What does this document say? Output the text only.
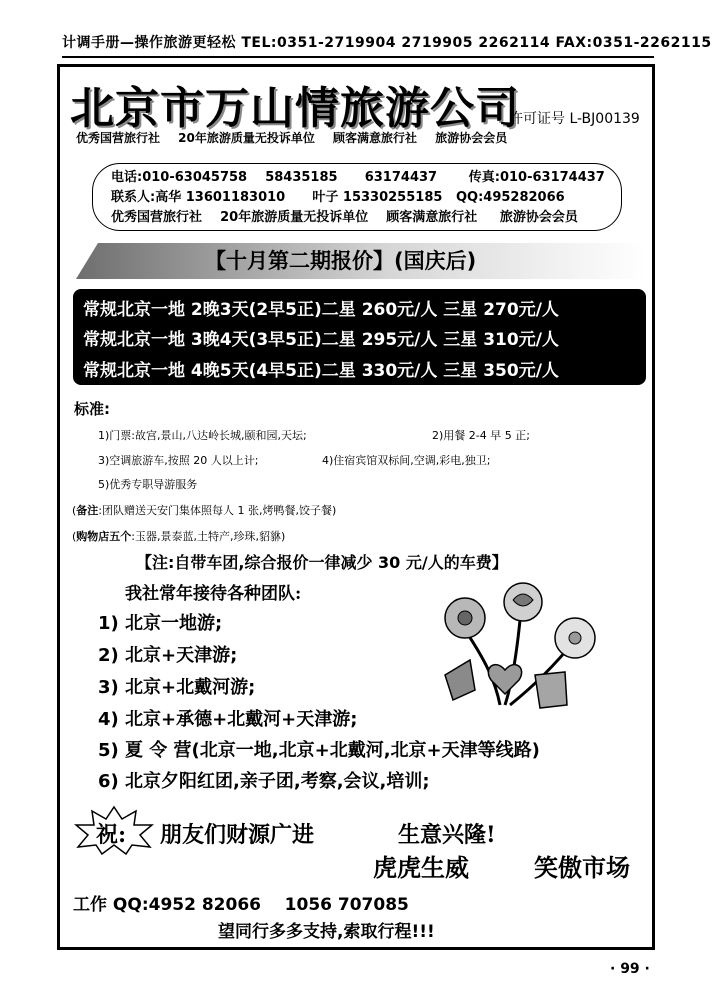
计调手册—操作旅游更轻松 TEL:0351-2719904 2719905 2262114 FAX:0351-2262115
北京市万山情旅游公司
许可证号 L-BJ00139
优秀国营旅行社 20年旅游质量无投诉单位 顾客满意旅行社 旅游协会会员
电话:010-63045758    58435185      63174437       传真:010-63174437
联系人:高华 13601183010      叶子 15330255185   QQ:495282066
优秀国营旅行社    20年旅游质量无投诉单位    顾客满意旅行社     旅游协会会员
【十月第二期报价】(国庆后)
常规北京一地 2晚3天(2早5正)二星 260元/人 三星 270元/人
常规北京一地 3晚4天(3早5正)二星 295元/人 三星 310元/人
常规北京一地 4晚5天(4早5正)二星 330元/人 三星 350元/人
标准:
1)门票:故宫,景山,八达岭长城,颐和园,天坛;	2)用餐 2-4 早 5 正;
3)空调旅游车,按照 20 人以上计;	4)住宿宾馆双标间,空调,彩电,独卫;
5)优秀专职导游服务
(备注:团队赠送天安门集体照每人 1 张,烤鸭餐,饺子餐)
(购物店五个:玉器,景泰蓝,土特产,珍珠,貂貅)
【注:自带车团,综合报价一律减少 30 元/人的车费】
我社常年接待各种团队:
1) 北京一地游;
2) 北京+天津游;
3) 北京+北戴河游;
4) 北京+承德+北戴河+天津游;
5) 夏 令 营(北京一地,北京+北戴河,北京+天津等线路)
6) 北京夕阳红团,亲子团,考察,会议,培训;
祝: 朋友们财源广进	生意兴隆!
虎虎生威	笑傲市场
工作 QQ:4952 82066    1056 707085
望同行多多支持,索取行程!!!
· 99 ·
